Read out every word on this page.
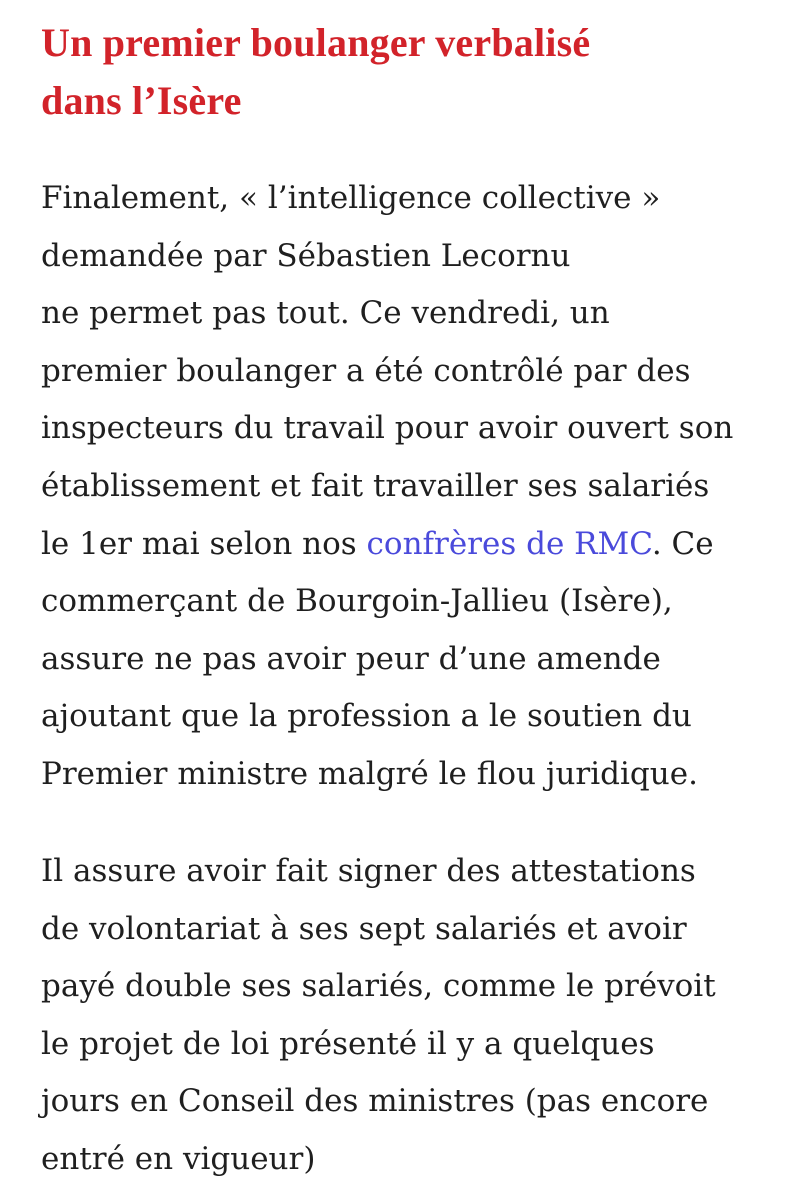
Un premier boulanger verbalisé
dans l’Isère

Finalement, « l’intelligence collective »
demandée par Sébastien Lecornu
ne permet pas tout. Ce vendredi, un
premier boulanger a été contrôlé par des
inspecteurs du travail pour avoir ouvert son
établissement et fait travailler ses salariés
le 1er mai selon nos confrères de RMC. Ce
commerçant de Bourgoin-Jallieu (Isère),
assure ne pas avoir peur d’une amende
ajoutant que la profession a le soutien du
Premier ministre malgré le flou juridique.

Il assure avoir fait signer des attestations
de volontariat à ses sept salariés et avoir
payé double ses salariés, comme le prévoit
le projet de loi présenté il y a quelques
jours en Conseil des ministres (pas encore
entré en vigueur)
